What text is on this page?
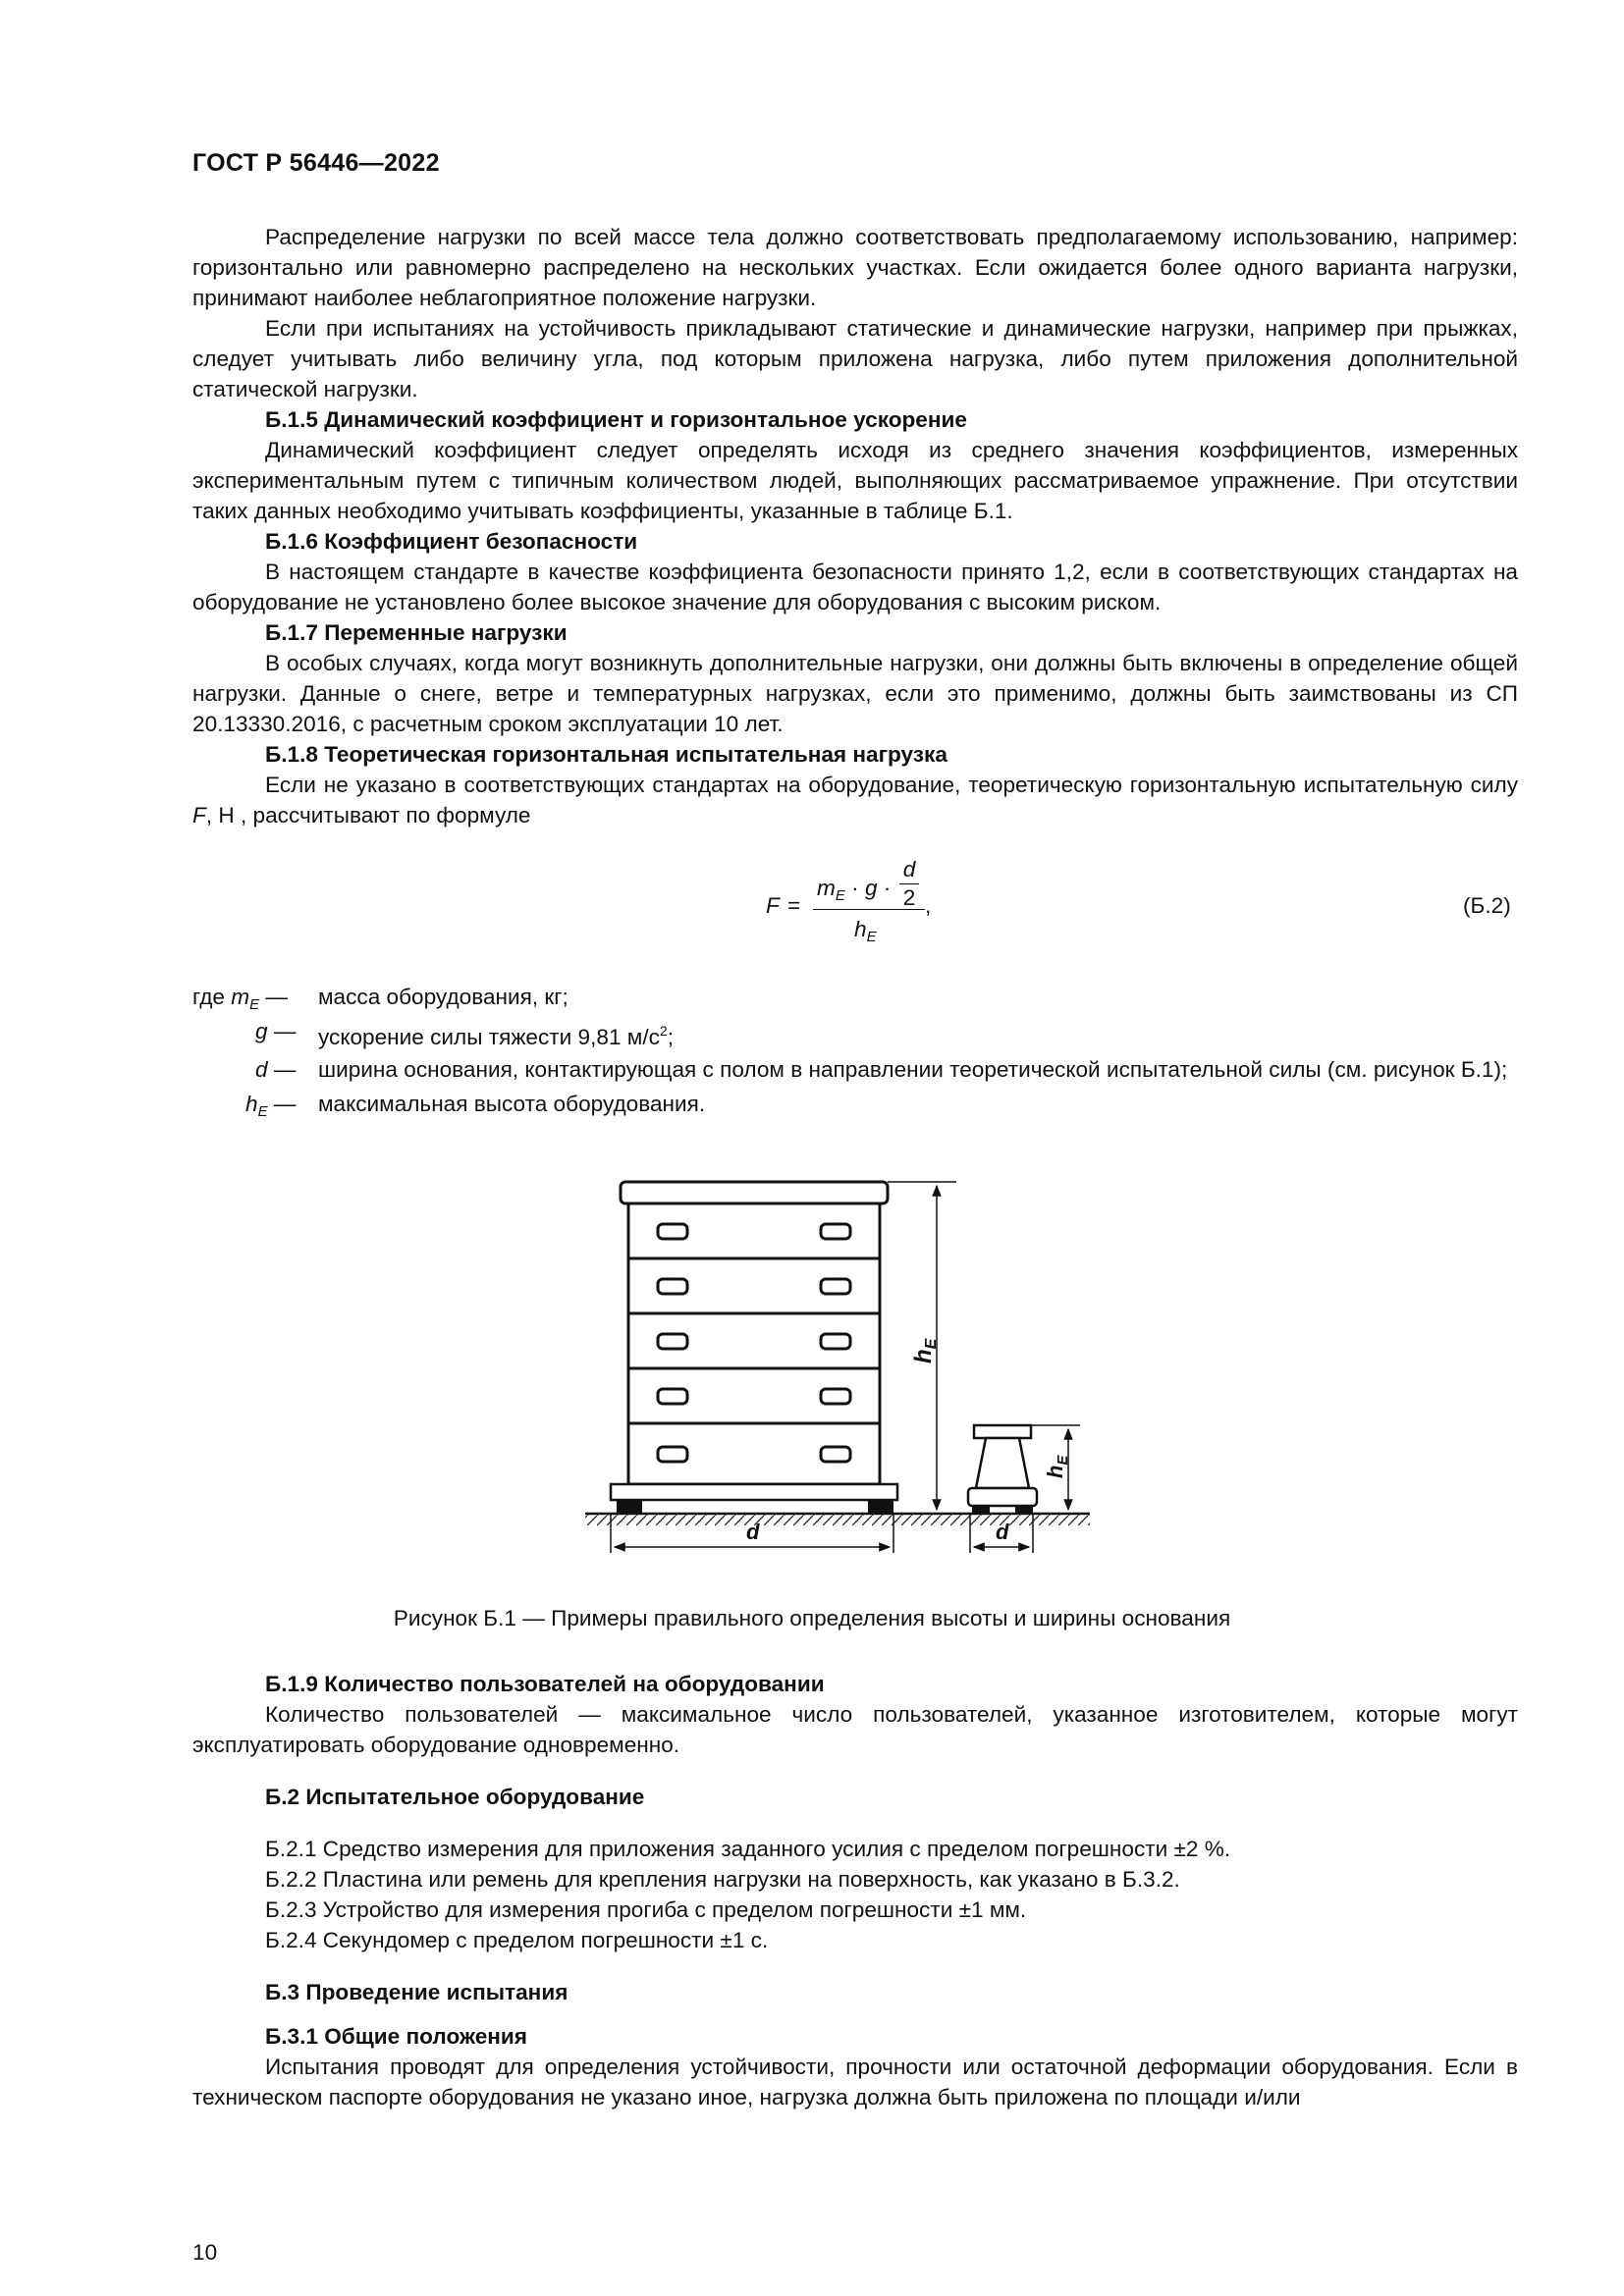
ГОСТ Р 56446—2022

Распределение нагрузки по всей массе тела должно соответствовать предполагаемому использованию, например: горизонтально или равномерно распределено на нескольких участках. Если ожидается более одного варианта нагрузки, принимают наиболее неблагоприятное положение нагрузки.

Если при испытаниях на устойчивость прикладывают статические и динамические нагрузки, например при прыжках, следует учитывать либо величину угла, под которым приложена нагрузка, либо путем приложения дополнительной статической нагрузки.

Б.1.5 Динамический коэффициент и горизонтальное ускорение

Динамический коэффициент следует определять исходя из среднего значения коэффициентов, измеренных экспериментальным путем с типичным количеством людей, выполняющих рассматриваемое упражнение. При отсутствии таких данных необходимо учитывать коэффициенты, указанные в таблице Б.1.

Б.1.6 Коэффициент безопасности

В настоящем стандарте в качестве коэффициента безопасности принято 1,2, если в соответствующих стандартах на оборудование не установлено более высокое значение для оборудования с высоким риском.

Б.1.7 Переменные нагрузки

В особых случаях, когда могут возникнуть дополнительные нагрузки, они должны быть включены в определение общей нагрузки. Данные о снеге, ветре и температурных нагрузках, если это применимо, должны быть заимствованы из СП 20.13330.2016, с расчетным сроком эксплуатации 10 лет.

Б.1.8 Теоретическая горизонтальная испытательная нагрузка

Если не указано в соответствующих стандартах на оборудование, теоретическую горизонтальную испытательную силу F, Н , рассчитывают по формуле

F =
$m_E \cdot g$ ·
d
2 ,
$h_E$
(Б.2)
где $m_E$ — масса оборудования, кг;
g — ускорение силы тяжести 9,81 $м/с^2$;
d — ширина основания, контактирующая с полом в направлении теоретической испытательной силы (см. рисунок Б.1);
$h_E$ — максимальная высота оборудования.
$h_E$
$h_E$
d	d
Рисунок Б.1 — Примеры правильного определения высоты и ширины основания

Б.1.9 Количество пользователей на оборудовании

Количество пользователей — максимальное число пользователей, указанное изготовителем, которые могут эксплуатировать оборудование одновременно.

Б.2 Испытательное оборудование

Б.2.1 Средство измерения для приложения заданного усилия с пределом погрешности ±2 %.

Б.2.2 Пластина или ремень для крепления нагрузки на поверхность, как указано в Б.3.2.

Б.2.3 Устройство для измерения прогиба с пределом погрешности ±1 мм.

Б.2.4 Секундомер с пределом погрешности ±1 с.

Б.3 Проведение испытания

Б.3.1 Общие положения

Испытания проводят для определения устойчивости, прочности или остаточной деформации оборудования. Если в техническом паспорте оборудования не указано иное, нагрузка должна быть приложена по площади и/или

10
